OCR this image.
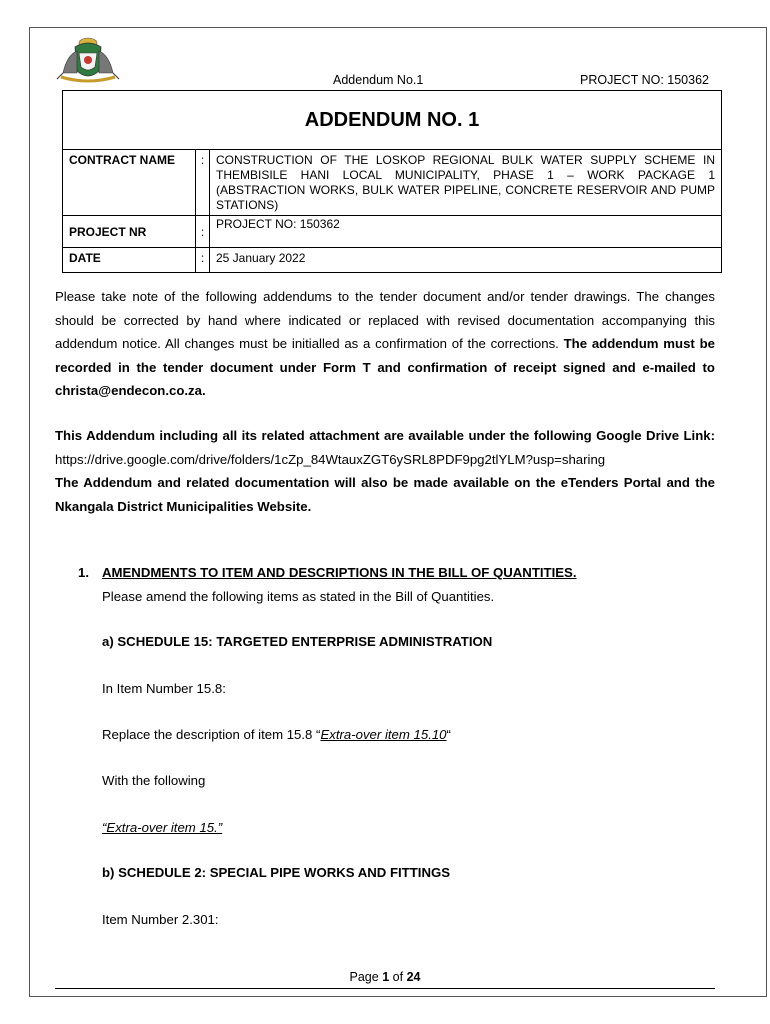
Addendum No.1	PROJECT NO: 150362
ADDENDUM NO. 1		
CONTRACT NAME	:	CONSTRUCTION OF THE LOSKOP REGIONAL BULK WATER SUPPLY SCHEME IN THEMBISILE HANI LOCAL MUNICIPALITY, PHASE 1 – WORK PACKAGE 1 (ABSTRACTION WORKS, BULK WATER PIPELINE, CONCRETE RESERVOIR AND PUMP STATIONS)
PROJECT NR	:	PROJECT NO: 150362
DATE	:	25 January 2022
Please take note of the following addendums to the tender document and/or tender drawings. The changes should be corrected by hand where indicated or replaced with revised documentation accompanying this addendum notice. All changes must be initialled as a confirmation of the corrections. The addendum must be recorded in the tender document under Form T and confirmation of receipt signed and e-mailed to christa@endecon.co.za.
This Addendum including all its related attachment are available under the following Google Drive Link: https://drive.google.com/drive/folders/1cZp_84WtauxZGT6ySRL8PDF9pg2tlYLM?usp=sharing
The Addendum and related documentation will also be made available on the eTenders Portal and the Nkangala District Municipalities Website.
1. AMENDMENTS TO ITEM AND DESCRIPTIONS IN THE BILL OF QUANTITIES.
Please amend the following items as stated in the Bill of Quantities.
a) SCHEDULE 15: TARGETED ENTERPRISE ADMINISTRATION
In Item Number 15.8:
Replace the description of item 15.8 “Extra-over item 15.10“
With the following
“Extra-over item 15.”
b) SCHEDULE 2: SPECIAL PIPE WORKS AND FITTINGS
Item Number 2.301:
Page 1 of 24
